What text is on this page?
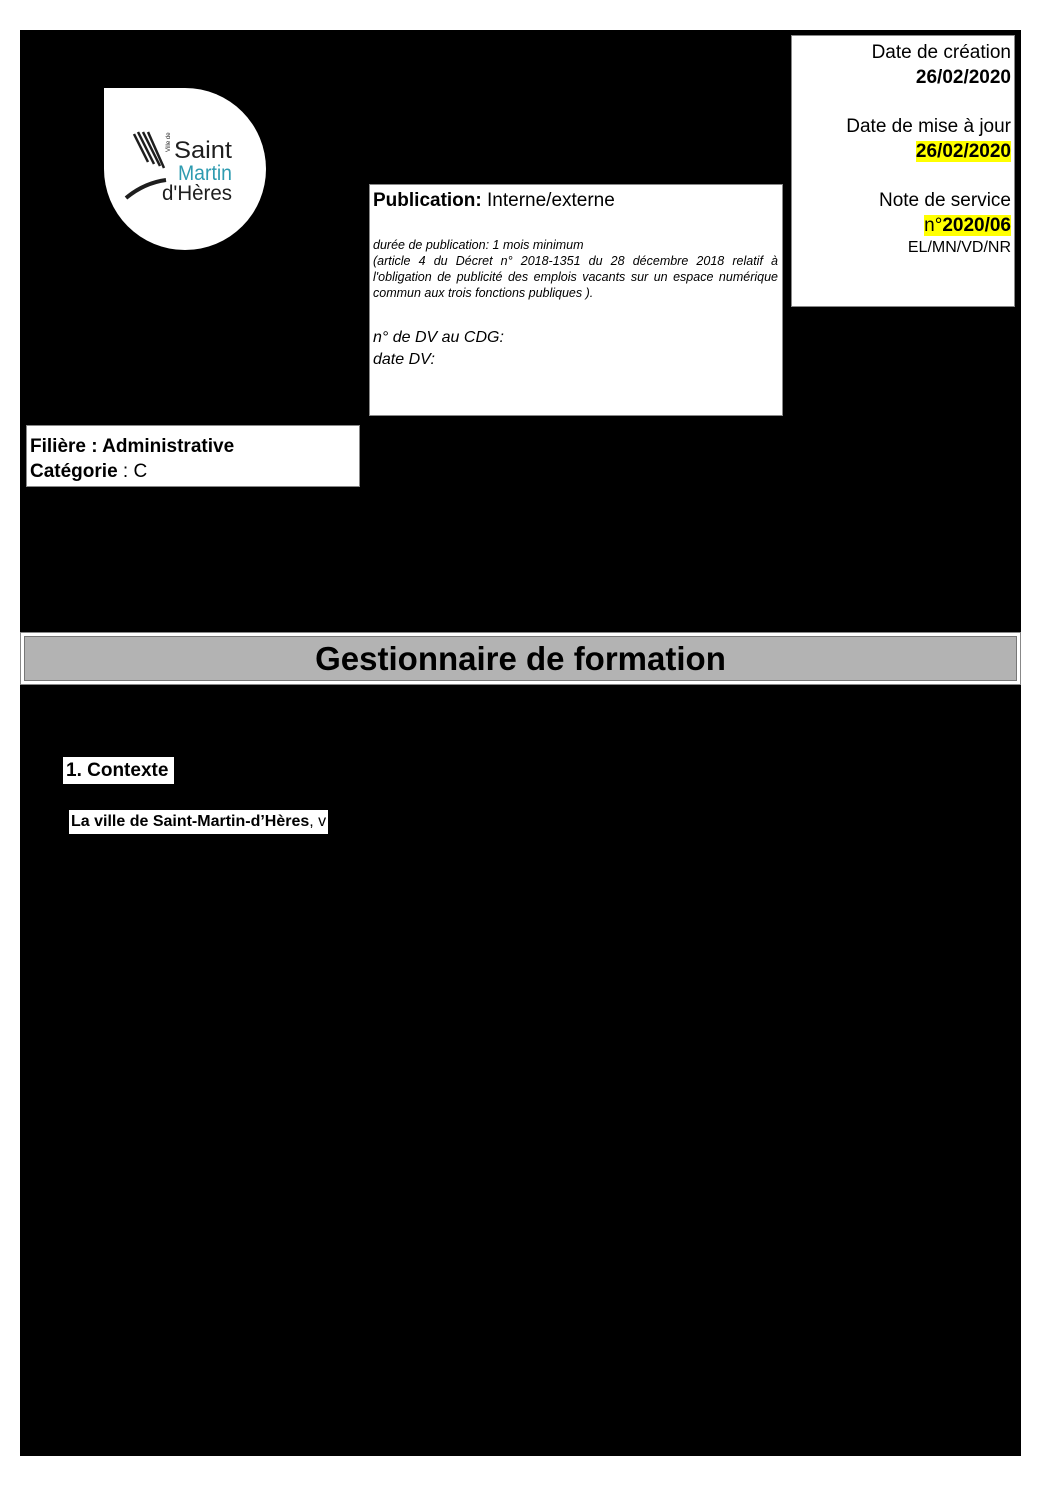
Ville de Saint
Martin
d'Hères	Publication: Interne/externe
durée de publication: 1 mois minimum
(article 4 du Décret n° 2018-1351 du 28 décembre 2018 relatif à l'obligation de publicité des emplois vacants sur un espace numérique commun aux trois fonctions publiques ).
n° de DV au CDG:
date DV:
Date de création
26/02/2020
Date de mise à jour
26/02/2020
Note de service
n°2020/06
EL/MN/VD/NR
Filière : Administrative
Catégorie : C
Gestionnaire de formation
1. Contexte
La ville de Saint-Martin-d’Hères, v
